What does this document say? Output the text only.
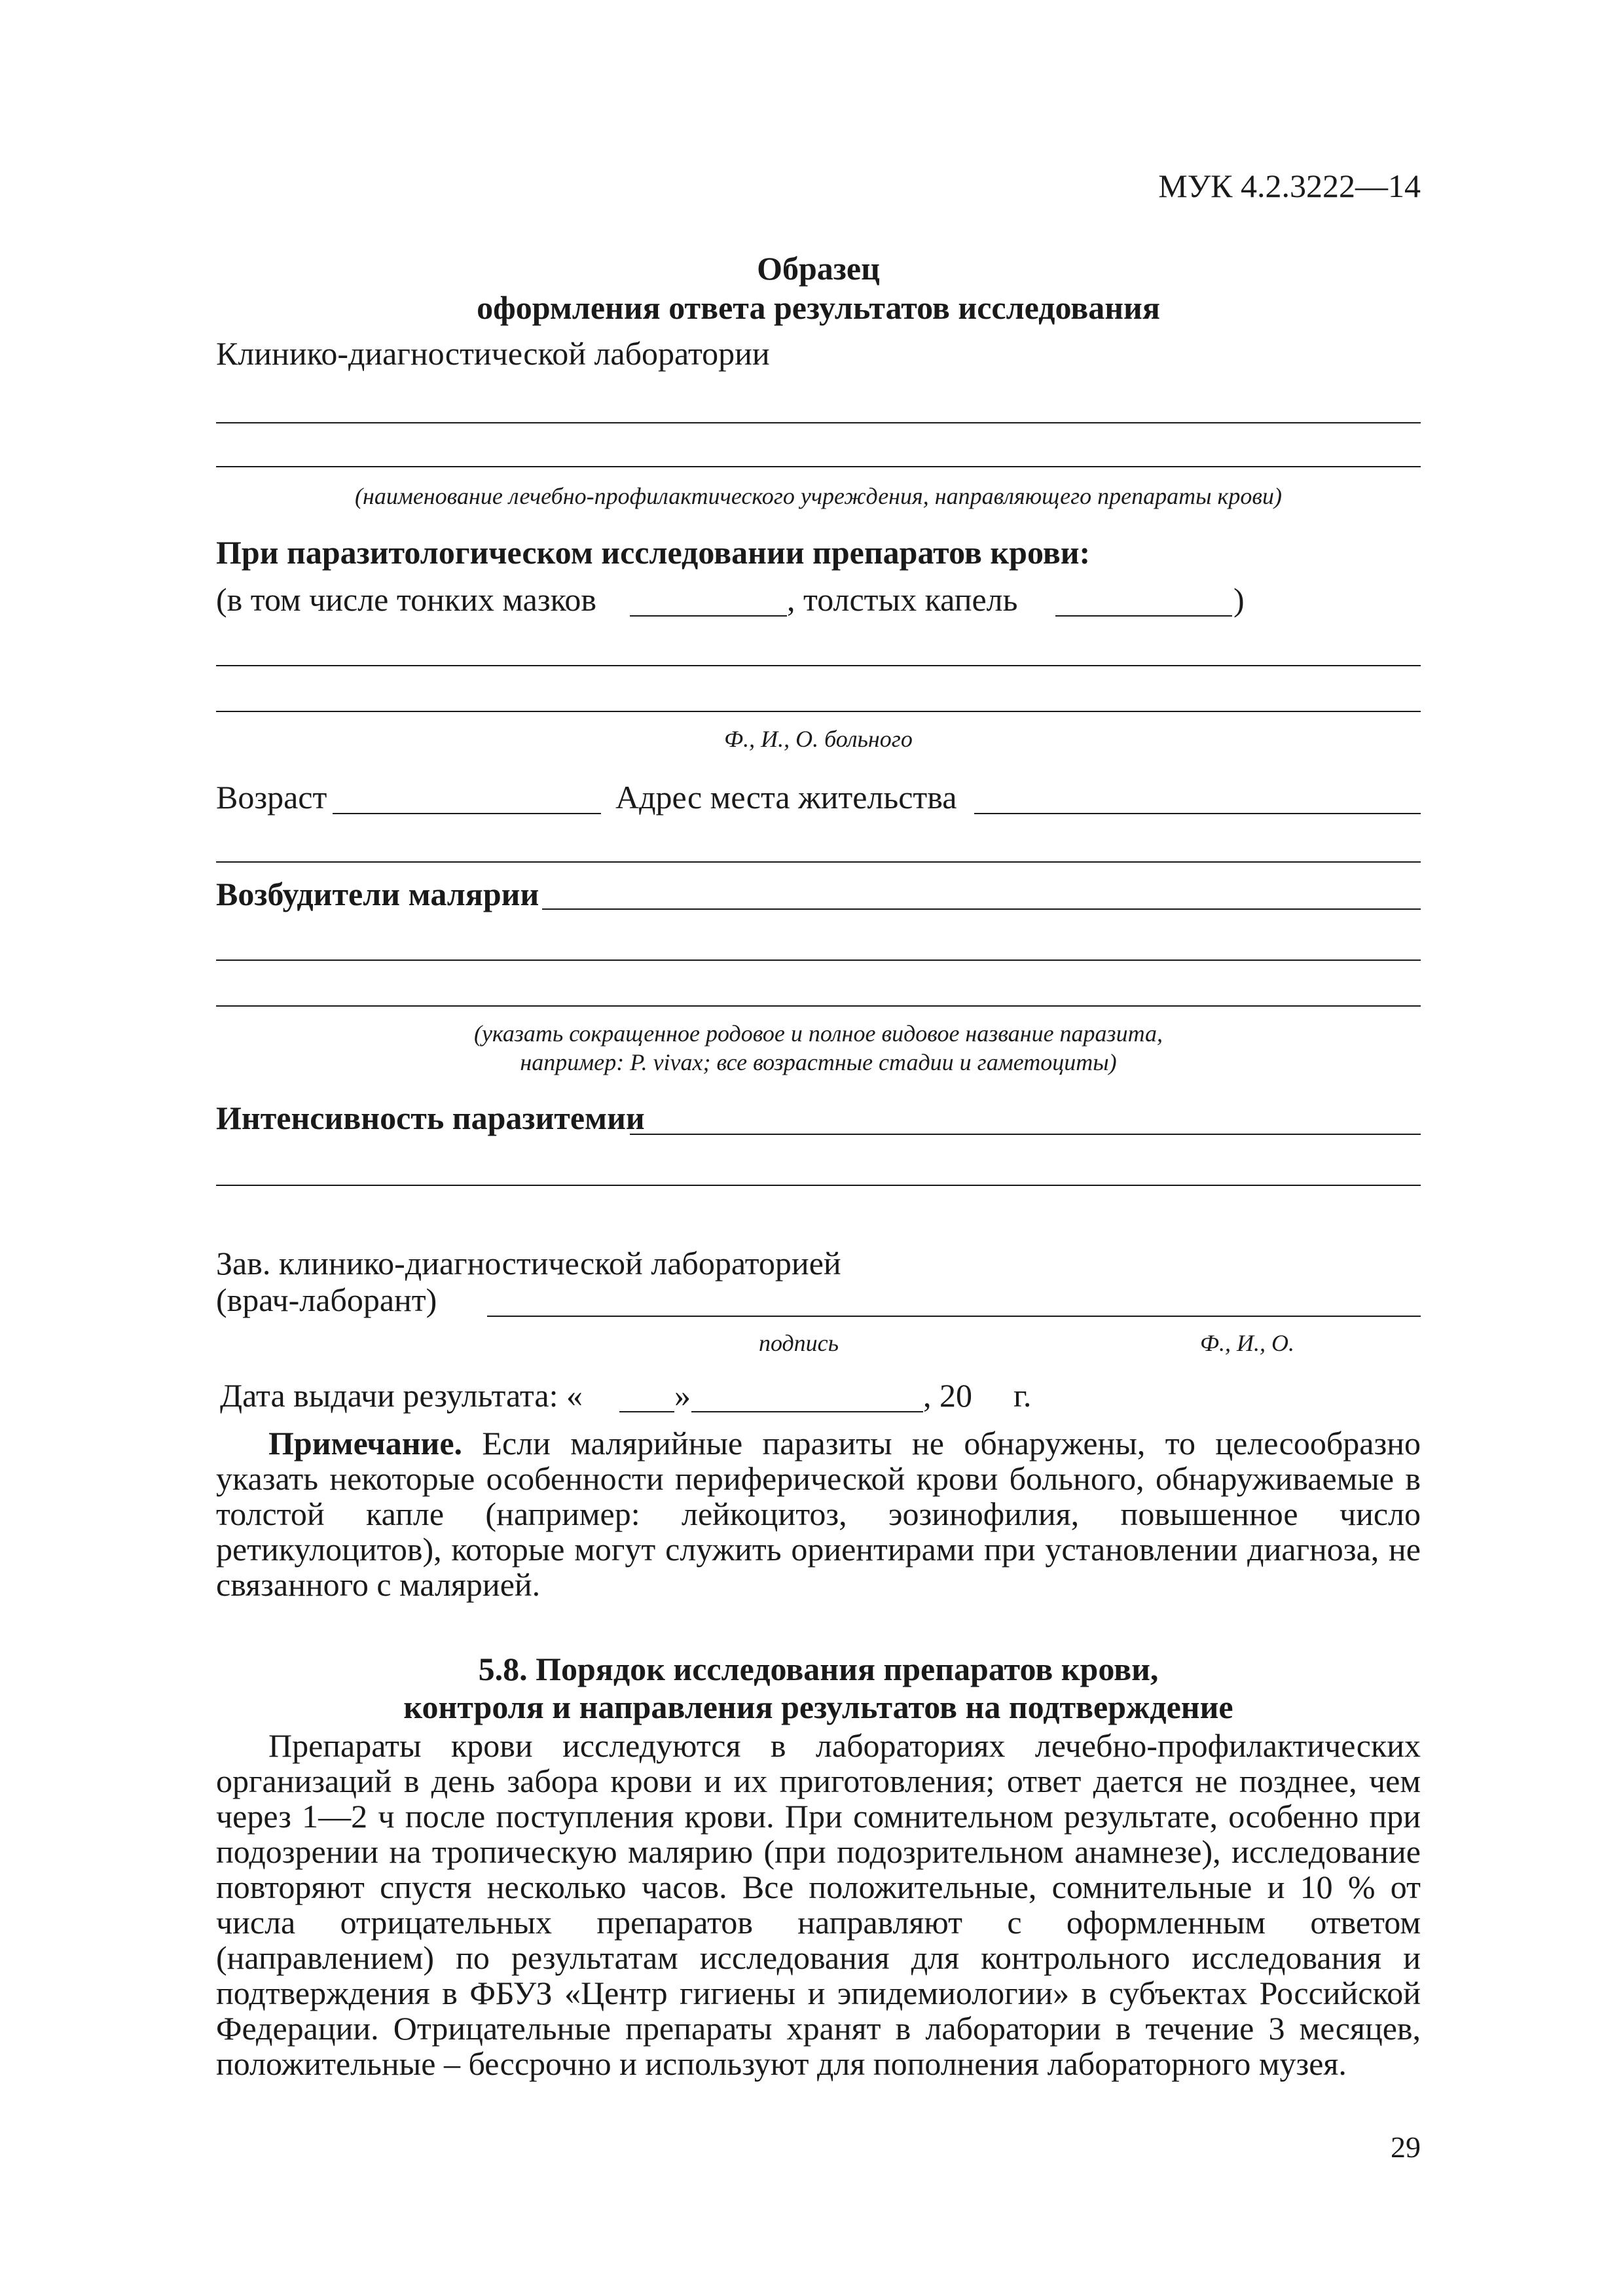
МУК 4.2.3222—14
Образец
оформления ответа результатов исследования
Клинико-диагностической лаборатории
(наименование лечебно-профилактического учреждения, направляющего препараты крови)
При паразитологическом исследовании препаратов крови:
(в том числе тонких мазков	, толстых капель	)
Ф., И., О. больного
Возраст	Адрес места жительства
Возбудители малярии
(указать сокращенное родовое и полное видовое название паразита,
например: P. vivax; все возрастные стадии и гаметоциты)
Интенсивность паразитемии
Зав. клинико-диагностической лабораторией
(врач-лаборант)
подпись	Ф., И., О.
Дата выдачи результата: «	»	, 20 г.
Примечание. Если малярийные паразиты не обнаружены, то целесообразно указать некоторые особенности периферической крови больного, обнаруживаемые в толстой капле (например: лейкоцитоз, эозинофилия, повышенное число ретикулоцитов), которые могут служить ориентирами при установлении диагноза, не связанного с малярией.
5.8. Порядок исследования препаратов крови,
контроля и направления результатов на подтверждение
Препараты крови исследуются в лабораториях лечебно-профилактических организаций в день забора крови и их приготовления; ответ дается не позднее, чем через 1—2 ч после поступления крови. При сомнительном результате, особенно при подозрении на тропическую малярию (при подозрительном анамнезе), исследование повторяют спустя несколько часов. Все положительные, сомнительные и 10 % от числа отрицательных препаратов направляют с оформленным ответом (направлением) по результатам исследования для контрольного исследования и подтверждения в ФБУЗ «Центр гигиены и эпидемиологии» в субъектах Российской Федерации. Отрицательные препараты хранят в лаборатории в течение 3 месяцев, положительные – бессрочно и используют для пополнения лабораторного музея.
29
